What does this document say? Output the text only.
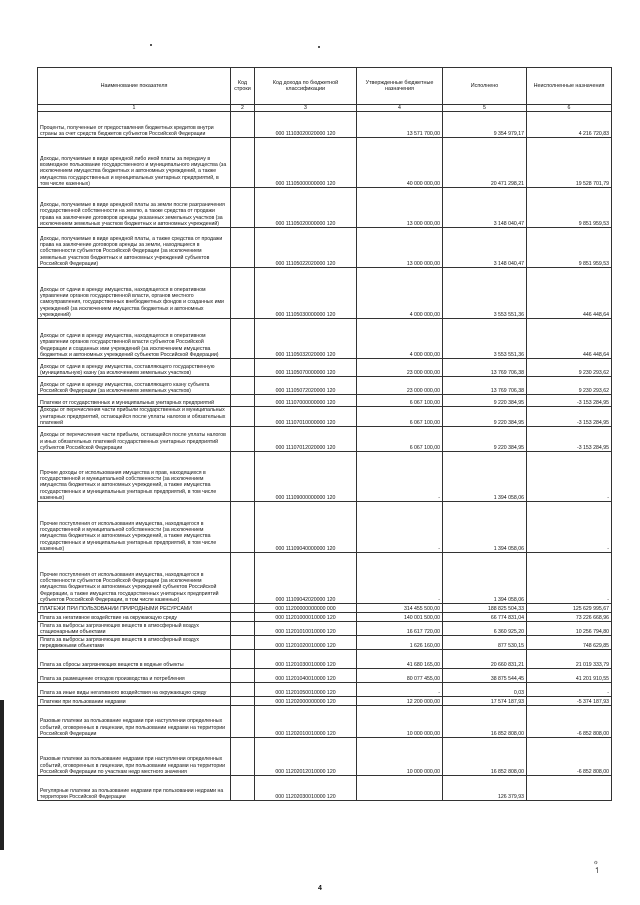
Наименование показателя	Код строки	Код дохода по бюджетной классификации	Утвержденные бюджетные назначения	Исполнено	Неисполненные назначения
1	2	3	4	5	6
Проценты, полученные от предоставления бюджетных кредитов внутри страны за счет средств бюджетов субъектов Российской Федерации		000 11103020020000 120	13 571 700,00	9 354 979,17	4 216 720,83
Доходы, получаемые в виде арендной либо иной платы за передачу в возмездное пользование государственного и муниципального имущества (за исключением имущества бюджетных и автономных учреждений, а также имущества государственных и муниципальных унитарных предприятий, в том числе казенных)		000 11105000000000 120	40 000 000,00	20 471 298,21	19 528 701,79
Доходы, получаемые в виде арендной платы за земли после разграничения государственной собственности на землю, а также средства от продажи права на заключение договоров аренды указанных земельных участков (за исключением земельных участков бюджетных и автономных учреждений)		000 11105020000000 120	13 000 000,00	3 148 040,47	9 851 959,53
Доходы, получаемые в виде арендной платы, а также средства от продажи права на заключение договоров аренды за земли, находящиеся в собственности субъектов Российской Федерации (за исключением земельных участков бюджетных и автономных учреждений субъектов Российской Федерации)		000 11105022020000 120	13 000 000,00	3 148 040,47	9 851 959,53
Доходы от сдачи в аренду имущества, находящегося в оперативном управлении органов государственной власти, органов местного самоуправления, государственных внебюджетных фондов и созданных ими учреждений (за исключением имущества бюджетных и автономных учреждений)		000 11105030000000 120	4 000 000,00	3 553 551,36	446 448,64
Доходы от сдачи в аренду имущества, находящегося в оперативном управлении органов государственной власти субъектов Российской Федерации и созданных ими учреждений (за исключением имущества бюджетных и автономных учреждений субъектов Российской Федерации)		000 11105032020000 120	4 000 000,00	3 553 551,36	446 448,64
Доходы от сдачи в аренду имущества, составляющего государственную (муниципальную) казну (за исключением земельных участков)		000 11105070000000 120	23 000 000,00	13 769 706,38	9 230 293,62
Доходы от сдачи в аренду имущества, составляющего казну субъекта Российской Федерации (за исключением земельных участков)		000 11105072020000 120	23 000 000,00	13 769 706,38	9 230 293,62
Платежи от государственных и муниципальных унитарных предприятий		000 11107000000000 120	6 067 100,00	9 220 384,95	-3 153 284,95
Доходы от перечисления части прибыли государственных и муниципальных унитарных предприятий, остающейся после уплаты налогов и обязательных платежей		000 11107010000000 120	6 067 100,00	9 220 384,95	-3 153 284,95
Доходы от перечисления части прибыли, остающейся после уплаты налогов и иных обязательных платежей государственных унитарных предприятий субъектов Российской Федерации		000 11107012020000 120	6 067 100,00	9 220 384,95	-3 153 284,95
Прочие доходы от использования имущества и прав, находящихся в государственной и муниципальной собственности (за исключением имущества бюджетных и автономных учреждений, а также имущества государственных и муниципальных унитарных предприятий, в том числе казенных)		000 11109000000000 120	-	1 394 058,06	-
Прочие поступления от использования имущества, находящегося в государственной и муниципальной собственности (за исключением имущества бюджетных и автономных учреждений, а также имущества государственных и муниципальных унитарных предприятий, в том числе казенных)		000 11109040000000 120	-	1 394 058,06	-
Прочие поступления от использования имущества, находящегося в собственности субъектов Российской Федерации (за исключением имущества бюджетных и автономных учреждений субъектов Российской Федерации, а также имущества государственных унитарных предприятий субъектов Российской Федерации, в том числе казенных)		000 11109042020000 120	-	1 394 058,06	-
ПЛАТЕЖИ ПРИ ПОЛЬЗОВАНИИ ПРИРОДНЫМИ РЕСУРСАМИ		000 11200000000000 000	314 455 500,00	188 825 504,33	125 629 995,67
Плата за негативное воздействие на окружающую среду		000 11201000010000 120	140 001 500,00	66 774 831,04	73 226 668,96
Плата за выбросы загрязняющих веществ в атмосферный воздух стационарными объектами		000 11201010010000 120	16 617 720,00	6 360 925,20	10 256 794,80
Плата за выбросы загрязняющих веществ в атмосферный воздух передвижными объектами		000 11201020010000 120	1 626 160,00	877 530,15	748 629,85
Плата за сбросы загрязняющих веществ в водные объекты		000 11201030010000 120	41 680 165,00	20 660 831,21	21 019 333,79
Плата за размещение отходов производства и потребления		000 11201040010000 120	80 077 455,00	38 875 544,45	41 201 910,55
Плата за иные виды негативного воздействия на окружающую среду		000 11201050010000 120	-	0,03	-
Платежи при пользовании недрами		000 11202000000000 120	12 200 000,00	17 574 187,93	-5 374 187,93
Разовые платежи за пользование недрами при наступлении определенных событий, оговоренных в лицензии, при пользовании недрами на территории Российской Федерации		000 11202010010000 120	10 000 000,00	16 852 808,00	-6 852 808,00
Разовые платежи за пользование недрами при наступлении определенных событий, оговоренных в лицензии, при пользовании недрами на территории Российской Федерации по участкам недр местного значения		000 11202012010000 120	10 000 000,00	16 852 808,00	-6 852 808,00
Регулярные платежи за пользование недрами при пользовании недрами на территории Российской Федерации		000 11202030010000 120		126 379,93	
ℴ
↿
4
